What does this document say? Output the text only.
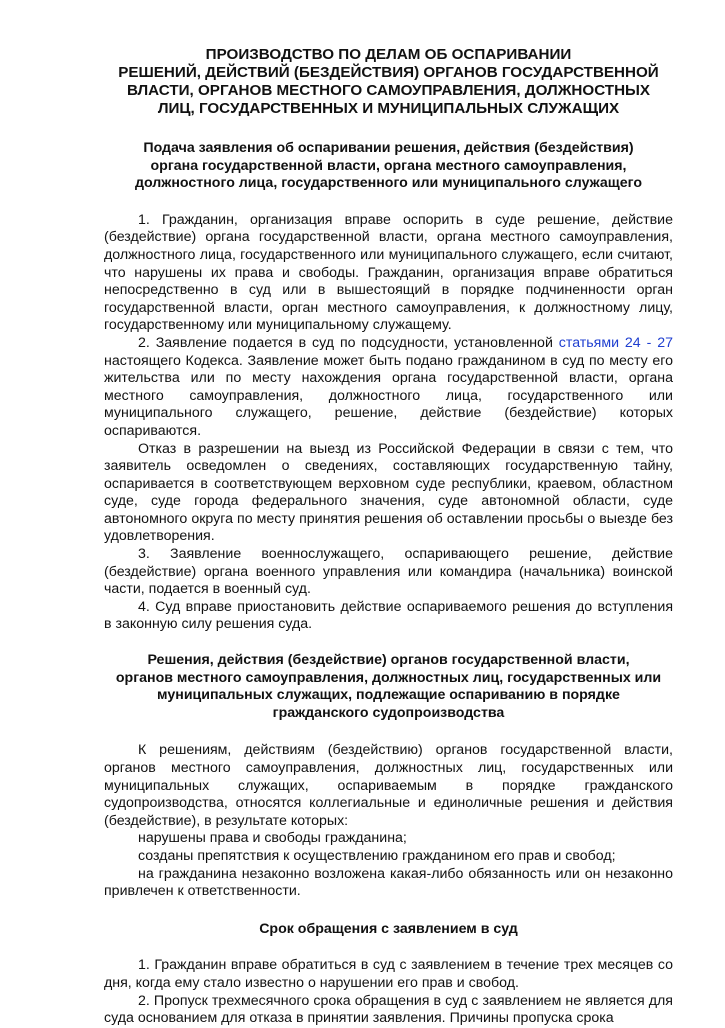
ПРОИЗВОДСТВО ПО ДЕЛАМ ОБ ОСПАРИВАНИИ
РЕШЕНИЙ, ДЕЙСТВИЙ (БЕЗДЕЙСТВИЯ) ОРГАНОВ ГОСУДАРСТВЕННОЙ
ВЛАСТИ, ОРГАНОВ МЕСТНОГО САМОУПРАВЛЕНИЯ, ДОЛЖНОСТНЫХ
ЛИЦ, ГОСУДАРСТВЕННЫХ И МУНИЦИПАЛЬНЫХ СЛУЖАЩИХ
Подача заявления об оспаривании решения, действия (бездействия)
органа государственной власти, органа местного самоуправления,
должностного лица, государственного или муниципального служащего

1. Гражданин, организация вправе оспорить в суде решение, действие (бездействие) органа государственной власти, органа местного самоуправления, должностного лица, государственного или муниципального служащего, если считают, что нарушены их права и свободы. Гражданин, организация вправе обратиться непосредственно в суд или в вышестоящий в порядке подчиненности орган государственной власти, орган местного самоуправления, к должностному лицу, государственному или муниципальному служащему.

2. Заявление подается в суд по подсудности, установленной статьями 24 - 27 настоящего Кодекса. Заявление может быть подано гражданином в суд по месту его жительства или по месту нахождения органа государственной власти, органа местного самоуправления, должностного лица, государственного или муниципального служащего, решение, действие (бездействие) которых оспариваются.

Отказ в разрешении на выезд из Российской Федерации в связи с тем, что заявитель осведомлен о сведениях, составляющих государственную тайну, оспаривается в соответствующем верховном суде республики, краевом, областном суде, суде города федерального значения, суде автономной области, суде автономного округа по месту принятия решения об оставлении просьбы о выезде без удовлетворения.

3. Заявление военнослужащего, оспаривающего решение, действие (бездействие) органа военного управления или командира (начальника) воинской части, подается в военный суд.

4. Суд вправе приостановить действие оспариваемого решения до вступления в законную силу решения суда.

Решения, действия (бездействие) органов государственной власти,
органов местного самоуправления, должностных лиц, государственных или
муниципальных служащих, подлежащие оспариванию в порядке
гражданского судопроизводства

К решениям, действиям (бездействию) органов государственной власти, органов местного самоуправления, должностных лиц, государственных или муниципальных служащих, оспариваемым в порядке гражданского судопроизводства, относятся коллегиальные и единоличные решения и действия (бездействие), в результате которых:

нарушены права и свободы гражданина;

созданы препятствия к осуществлению гражданином его прав и свобод;

на гражданина незаконно возложена какая-либо обязанность или он незаконно привлечен к ответственности.

Срок обращения с заявлением в суд

1. Гражданин вправе обратиться в суд с заявлением в течение трех месяцев со дня, когда ему стало известно о нарушении его прав и свобод.

2. Пропуск трехмесячного срока обращения в суд с заявлением не является для суда основанием для отказа в принятии заявления. Причины пропуска срока
